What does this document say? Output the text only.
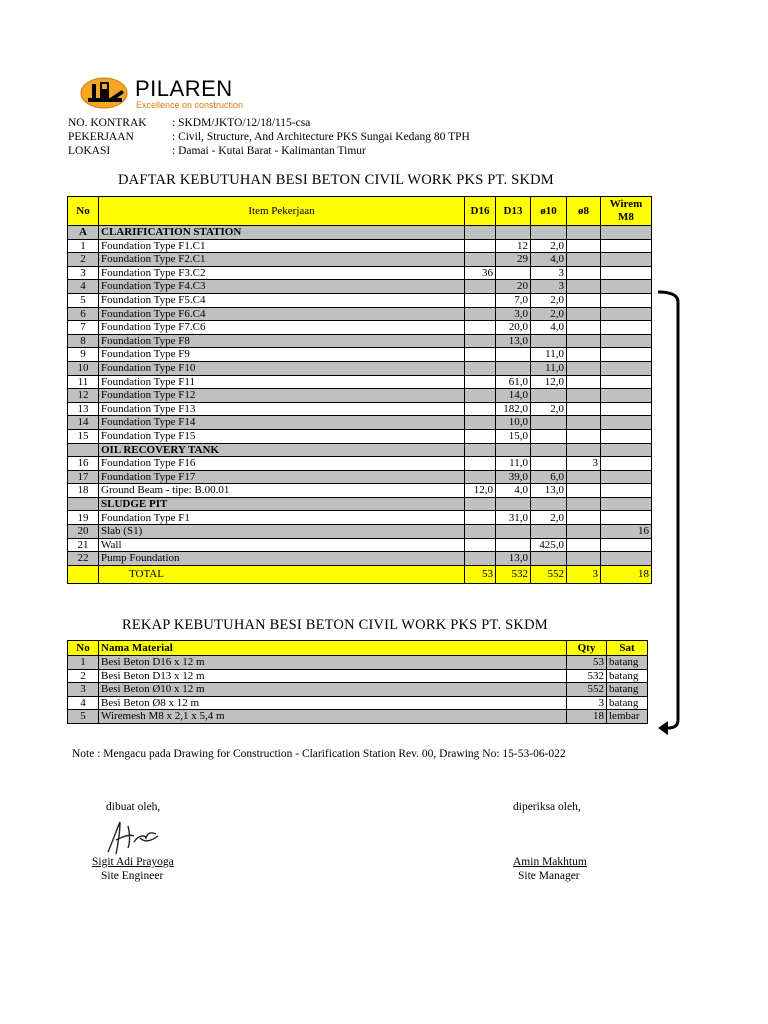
PILAREN
Excellence on construction
NO. KONTRAK : SKDM/JKTO/12/18/115-csa
PEKERJAAN	: Civil, Structure, And Architecture PKS Sungai Kedang 80 TPH
LOKASI	: Damai - Kutai Barat - Kalimantan Timur
DAFTAR KEBUTUHAN BESI BETON CIVIL WORK PKS PT. SKDM
No	Item Pekerjaan	D16	D13	ø10	ø8	Wirem M8
A	CLARIFICATION STATION					
1	Foundation Type F1.C1		12	2,0		
2	Foundation Type F2.C1		29	4,0		
3	Foundation Type F3.C2	36		3		
4	Foundation Type F4.C3		20	3		
5	Foundation Type F5.C4		7,0	2,0		
6	Foundation Type F6.C4		3,0	2,0		
7	Foundation Type F7.C6		20,0	4,0		
8	Foundation Type F8		13,0			
9	Foundation Type F9			11,0		
10	Foundation Type F10			11,0		
11	Foundation Type F11		61,0	12,0		
12	Foundation Type F12		14,0			
13	Foundation Type F13		182,0	2,0		
14	Foundation Type F14		10,0			
15	Foundation Type F15		15,0			
	OIL RECOVERY TANK					
16	Foundation Type F16		11,0		3	
17	Foundation Type F17		39,0	6,0		
18	Ground Beam - tipe: B.00.01	12,0	4,0	13,0		
	SLUDGE PIT					
19	Foundation Type F1		31,0	2,0		
20	Slab (S1)					16
21	Wall			425,0		
22	Pump Foundation		13,0			
	TOTAL	53	532	552	3	18
REKAP KEBUTUHAN BESI BETON CIVIL WORK PKS PT. SKDM
No	Nama Material	Qty	Sat
1	Besi Beton D16 x 12 m	53	batang
2	Besi Beton D13 x 12 m	532	batang
3	Besi Beton Ø10 x 12 m	552	batang
4	Besi Beton Ø8 x 12 m	3	batang
5	Wiremesh M8 x 2,1 x 5,4 m	18	lembar
Note : Mengacu pada Drawing for Construction - Clarification Station Rev. 00, Drawing No: 15-53-06-022
dibuat oleh,
Sigit Adi Prayoga
Site Engineer
diperiksa oleh,
Amin Makhtum
Site Manager
